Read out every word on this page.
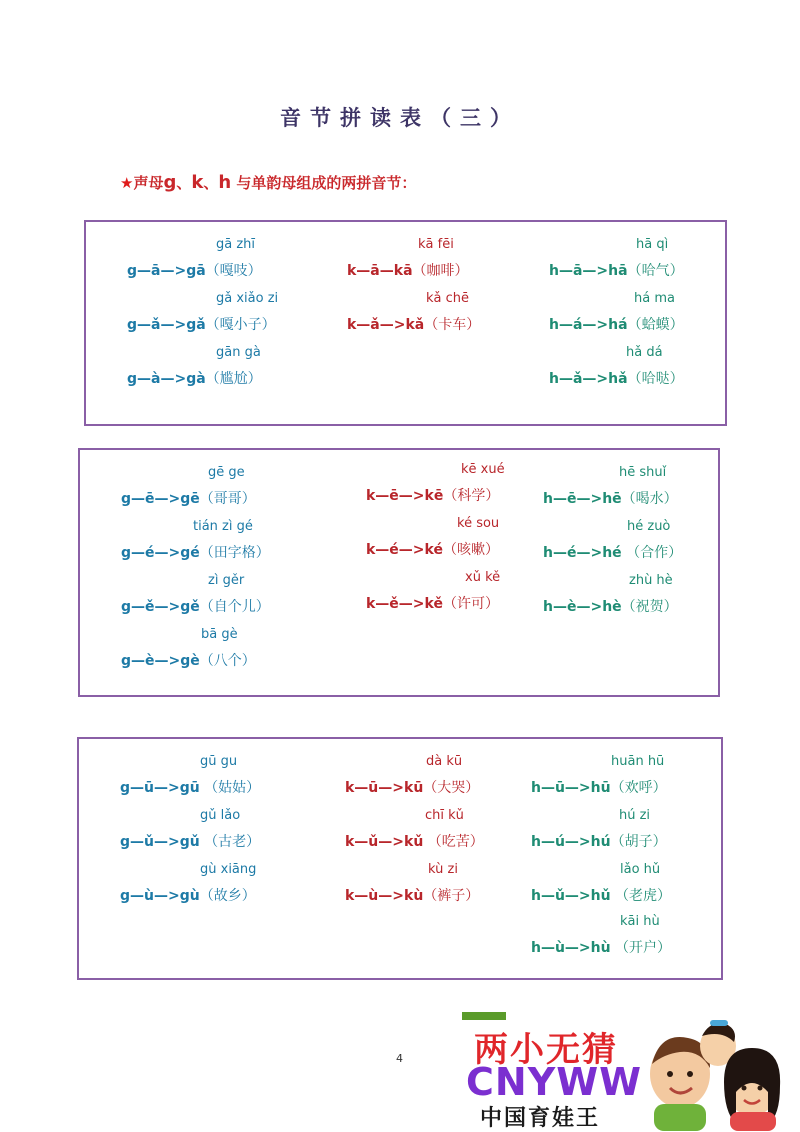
音节拼读表（三）
★声母g、k、h 与单韵母组成的两拼音节：
gā zhī
g—ā—>gā（嘎吱）
gǎ xiǎo zi
g—ǎ—>gǎ（嘎小子）
gān gà
g—à—>gà（尴尬）
kā fēi
k—ā—kā（咖啡）
kǎ chē
k—ǎ—>kǎ（卡车）
hā qì
h—ā—>hā（哈气）
há ma
h—á—>há（蛤蟆）
hǎ dá
h—ǎ—>hǎ（哈哒）
gē ge
g—ē—>gē（哥哥）
tián zì gé
g—é—>gé（田字格）
zì gěr
g—ě—>gě（自个儿）
bā gè
g—è—>gè（八个）
kē xué
k—ē—>kē（科学）
ké sou
k—é—>ké（咳嗽）
xǔ kě
k—ě—>kě（许可）
hē shuǐ
h—ē—>hē（喝水）
hé zuò
h—é—>hé （合作）
zhù hè
h—è—>hè（祝贺）
gū gu
g—ū—>gū （姑姑）
gǔ lǎo
g—ǔ—>gǔ （古老）
gù xiāng
g—ù—>gù（故乡）
dà kū
k—ū—>kū（大哭）
chī kǔ
k—ǔ—>kǔ （吃苦）
kù zi
k—ù—>kù（裤子）
huān hū
h—ū—>hū（欢呼）
hú zi
h—ú—>hú（胡子）
lǎo hǔ
h—ǔ—>hǔ （老虎）
kāi hù
h—ù—>hù （开户）
4 两小无猜
CNYWW
中国育娃王
